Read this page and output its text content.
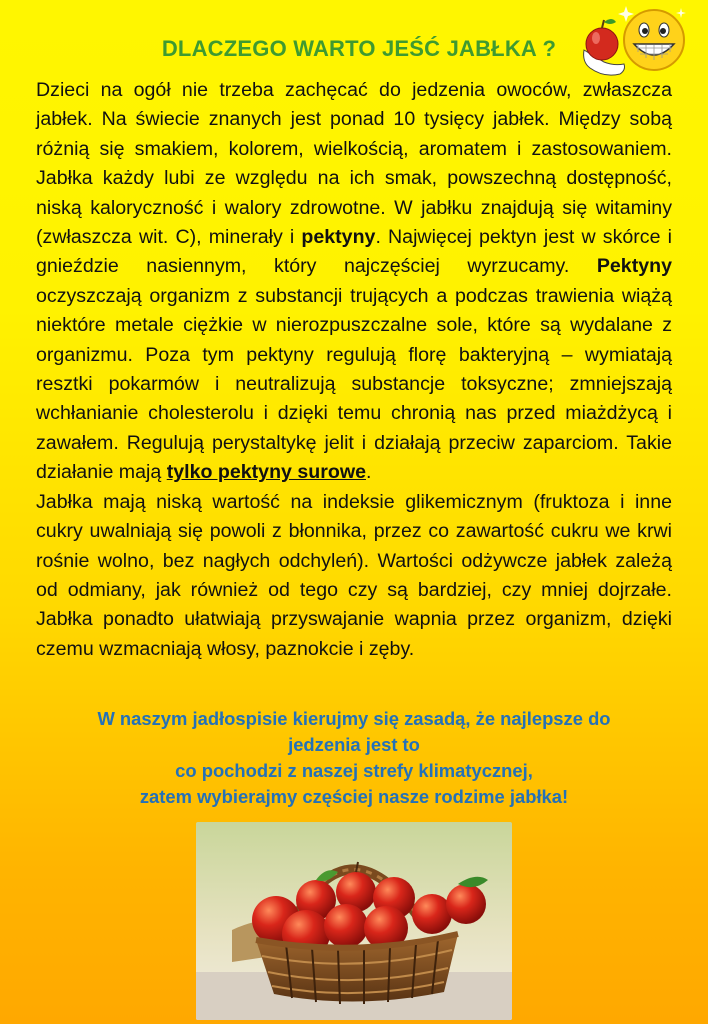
DLACZEGO WARTO JEŚĆ JABŁKA ?

Dzieci na ogół nie trzeba zachęcać do jedzenia owoców, zwłaszcza jabłek. Na świecie znanych jest ponad 10 tysięcy jabłek. Między sobą różnią się smakiem, kolorem, wielkością, aromatem i zastosowaniem. Jabłka każdy lubi ze względu na ich smak, powszechną dostępność, niską kaloryczność i walory zdrowotne. W jabłku znajdują się witaminy (zwłaszcza wit. C), minerały i pektyny. Najwięcej pektyn jest w skórce i gnieździe nasiennym, który najczęściej wyrzucamy. Pektyny oczyszczają organizm z substancji trujących a podczas trawienia wiążą niektóre metale ciężkie w nierozpuszczalne sole, które są wydalane z organizmu. Poza tym pektyny regulują florę bakteryjną – wymiatają resztki pokarmów i neutralizują substancje toksyczne; zmniejszają wchłanianie cholesterolu i dzięki temu chronią nas przed miażdżycą i zawałem. Regulują perystaltykę jelit i działają przeciw zaparciom. Takie działanie mają tylko pektyny surowe.

Jabłka mają niską wartość na indeksie glikemicznym (fruktoza i inne cukry uwalniają się powoli z błonnika, przez co zawartość cukru we krwi rośnie wolno, bez nagłych odchyleń). Wartości odżywcze jabłek zależą od odmiany, jak również od tego czy są bardziej, czy mniej dojrzałe. Jabłka ponadto ułatwiają przyswajanie wapnia przez organizm, dzięki czemu wzmacniają włosy, paznokcie i zęby.

W naszym jadłospisie kierujmy się zasadą, że najlepsze do
jedzenia jest to
co pochodzi z naszej strefy klimatycznej,
zatem wybierajmy częściej nasze rodzime jabłka!
